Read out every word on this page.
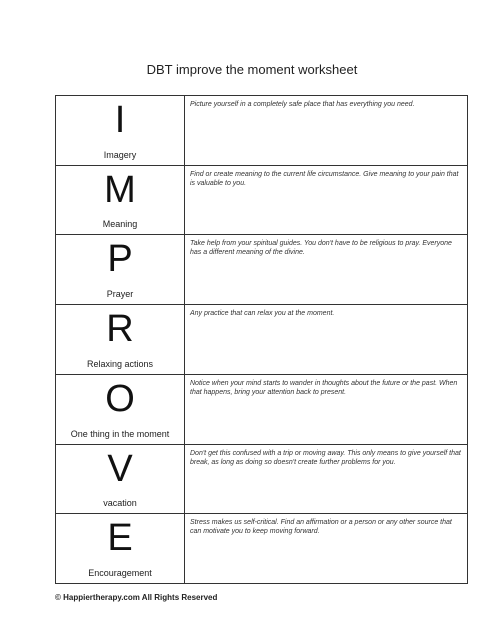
DBT improve the moment worksheet
I
Imagery
Picture yourself in a completely safe place that has everything you need.
M
Meaning
Find or create meaning to the current life circumstance. Give meaning to your pain that is valuable to you.
P
Prayer
Take help from your spiritual guides. You don't have to be religious to pray. Everyone has a different meaning of the divine.
R
Relaxing actions
Any practice that can relax you at the moment.
O
One thing in the moment
Notice when your mind starts to wander in thoughts about the future or the past. When that happens, bring your attention back to present.
V
vacation
Don't get this confused with a trip or moving away. This only means to give yourself that break, as long as doing so doesn't create further problems for you.
E
Encouragement
Stress makes us self-critical. Find an affirmation or a person or any other source that can motivate you to keep moving forward.
© Happiertherapy.com All Rights Reserved
